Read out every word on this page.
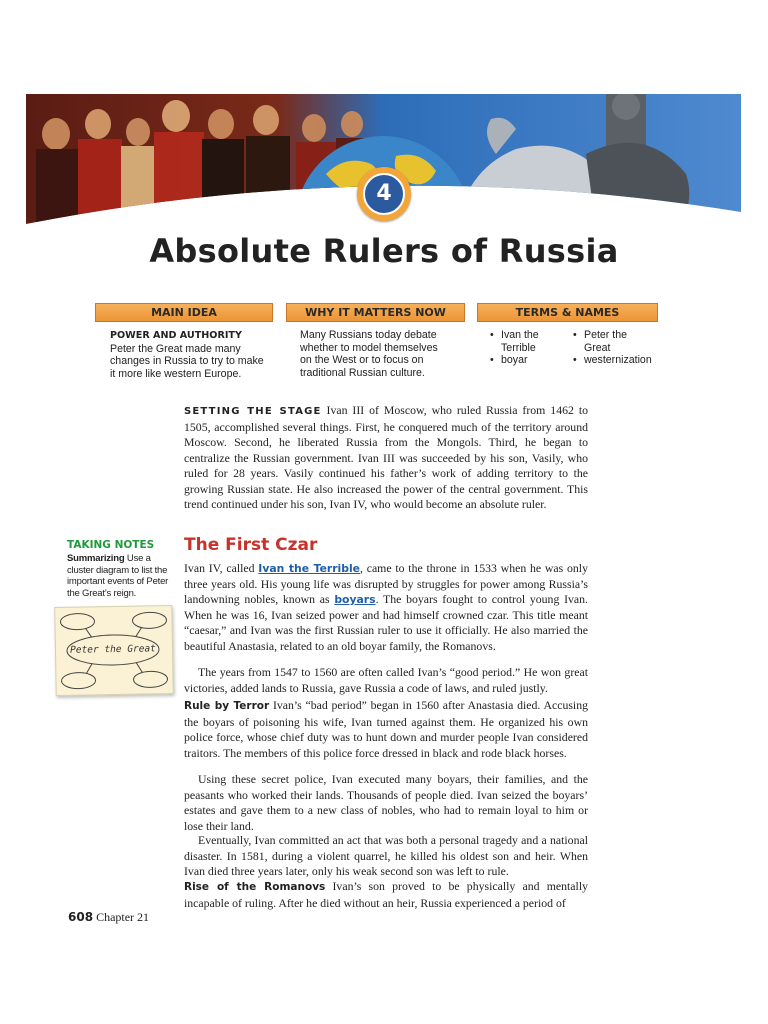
4
Absolute Rulers of Russia
MAIN IDEA	WHY IT MATTERS NOW	TERMS & NAMES
POWER AND AUTHORITY Peter the Great made many changes in Russia to try to make it more like western Europe.
Many Russians today debate whether to model themselves on the West or to focus on traditional Russian culture.
• Ivan the Terrible
• boyar
• Peter the Great
• westernization

SETTING THE STAGE Ivan III of Moscow, who ruled Russia from 1462 to 1505, accomplished several things. First, he conquered much of the territory around Moscow. Second, he liberated Russia from the Mongols. Third, he began to centralize the Russian government. Ivan III was succeeded by his son, Vasily, who ruled for 28 years. Vasily continued his father’s work of adding territory to the growing Russian state. He also increased the power of the central government. This trend continued under his son, Ivan IV, who would become an absolute ruler.

TAKING NOTES
Summarizing Use a cluster diagram to list the important events of Peter the Great’s reign.
Peter the Great
The First Czar

Ivan IV, called Ivan the Terrible, came to the throne in 1533 when he was only three years old. His young life was disrupted by struggles for power among Russia’s landowning nobles, known as boyars. The boyars fought to control young Ivan. When he was 16, Ivan seized power and had himself crowned czar. This title meant “caesar,” and Ivan was the first Russian ruler to use it officially. He also married the beautiful Anastasia, related to an old boyar family, the Romanovs.

The years from 1547 to 1560 are often called Ivan’s “good period.” He won great victories, added lands to Russia, gave Russia a code of laws, and ruled justly.

Rule by Terror Ivan’s “bad period” began in 1560 after Anastasia died. Accusing the boyars of poisoning his wife, Ivan turned against them. He organized his own police force, whose chief duty was to hunt down and murder people Ivan considered traitors. The members of this police force dressed in black and rode black horses.

Using these secret police, Ivan executed many boyars, their families, and the peasants who worked their lands. Thousands of people died. Ivan seized the boyars’ estates and gave them to a new class of nobles, who had to remain loyal to him or lose their land.

Eventually, Ivan committed an act that was both a personal tragedy and a national disaster. In 1581, during a violent quarrel, he killed his oldest son and heir. When Ivan died three years later, only his weak second son was left to rule.

Rise of the Romanovs Ivan’s son proved to be physically and mentally incapable of ruling. After he died without an heir, Russia experienced a period of

608 Chapter 21
